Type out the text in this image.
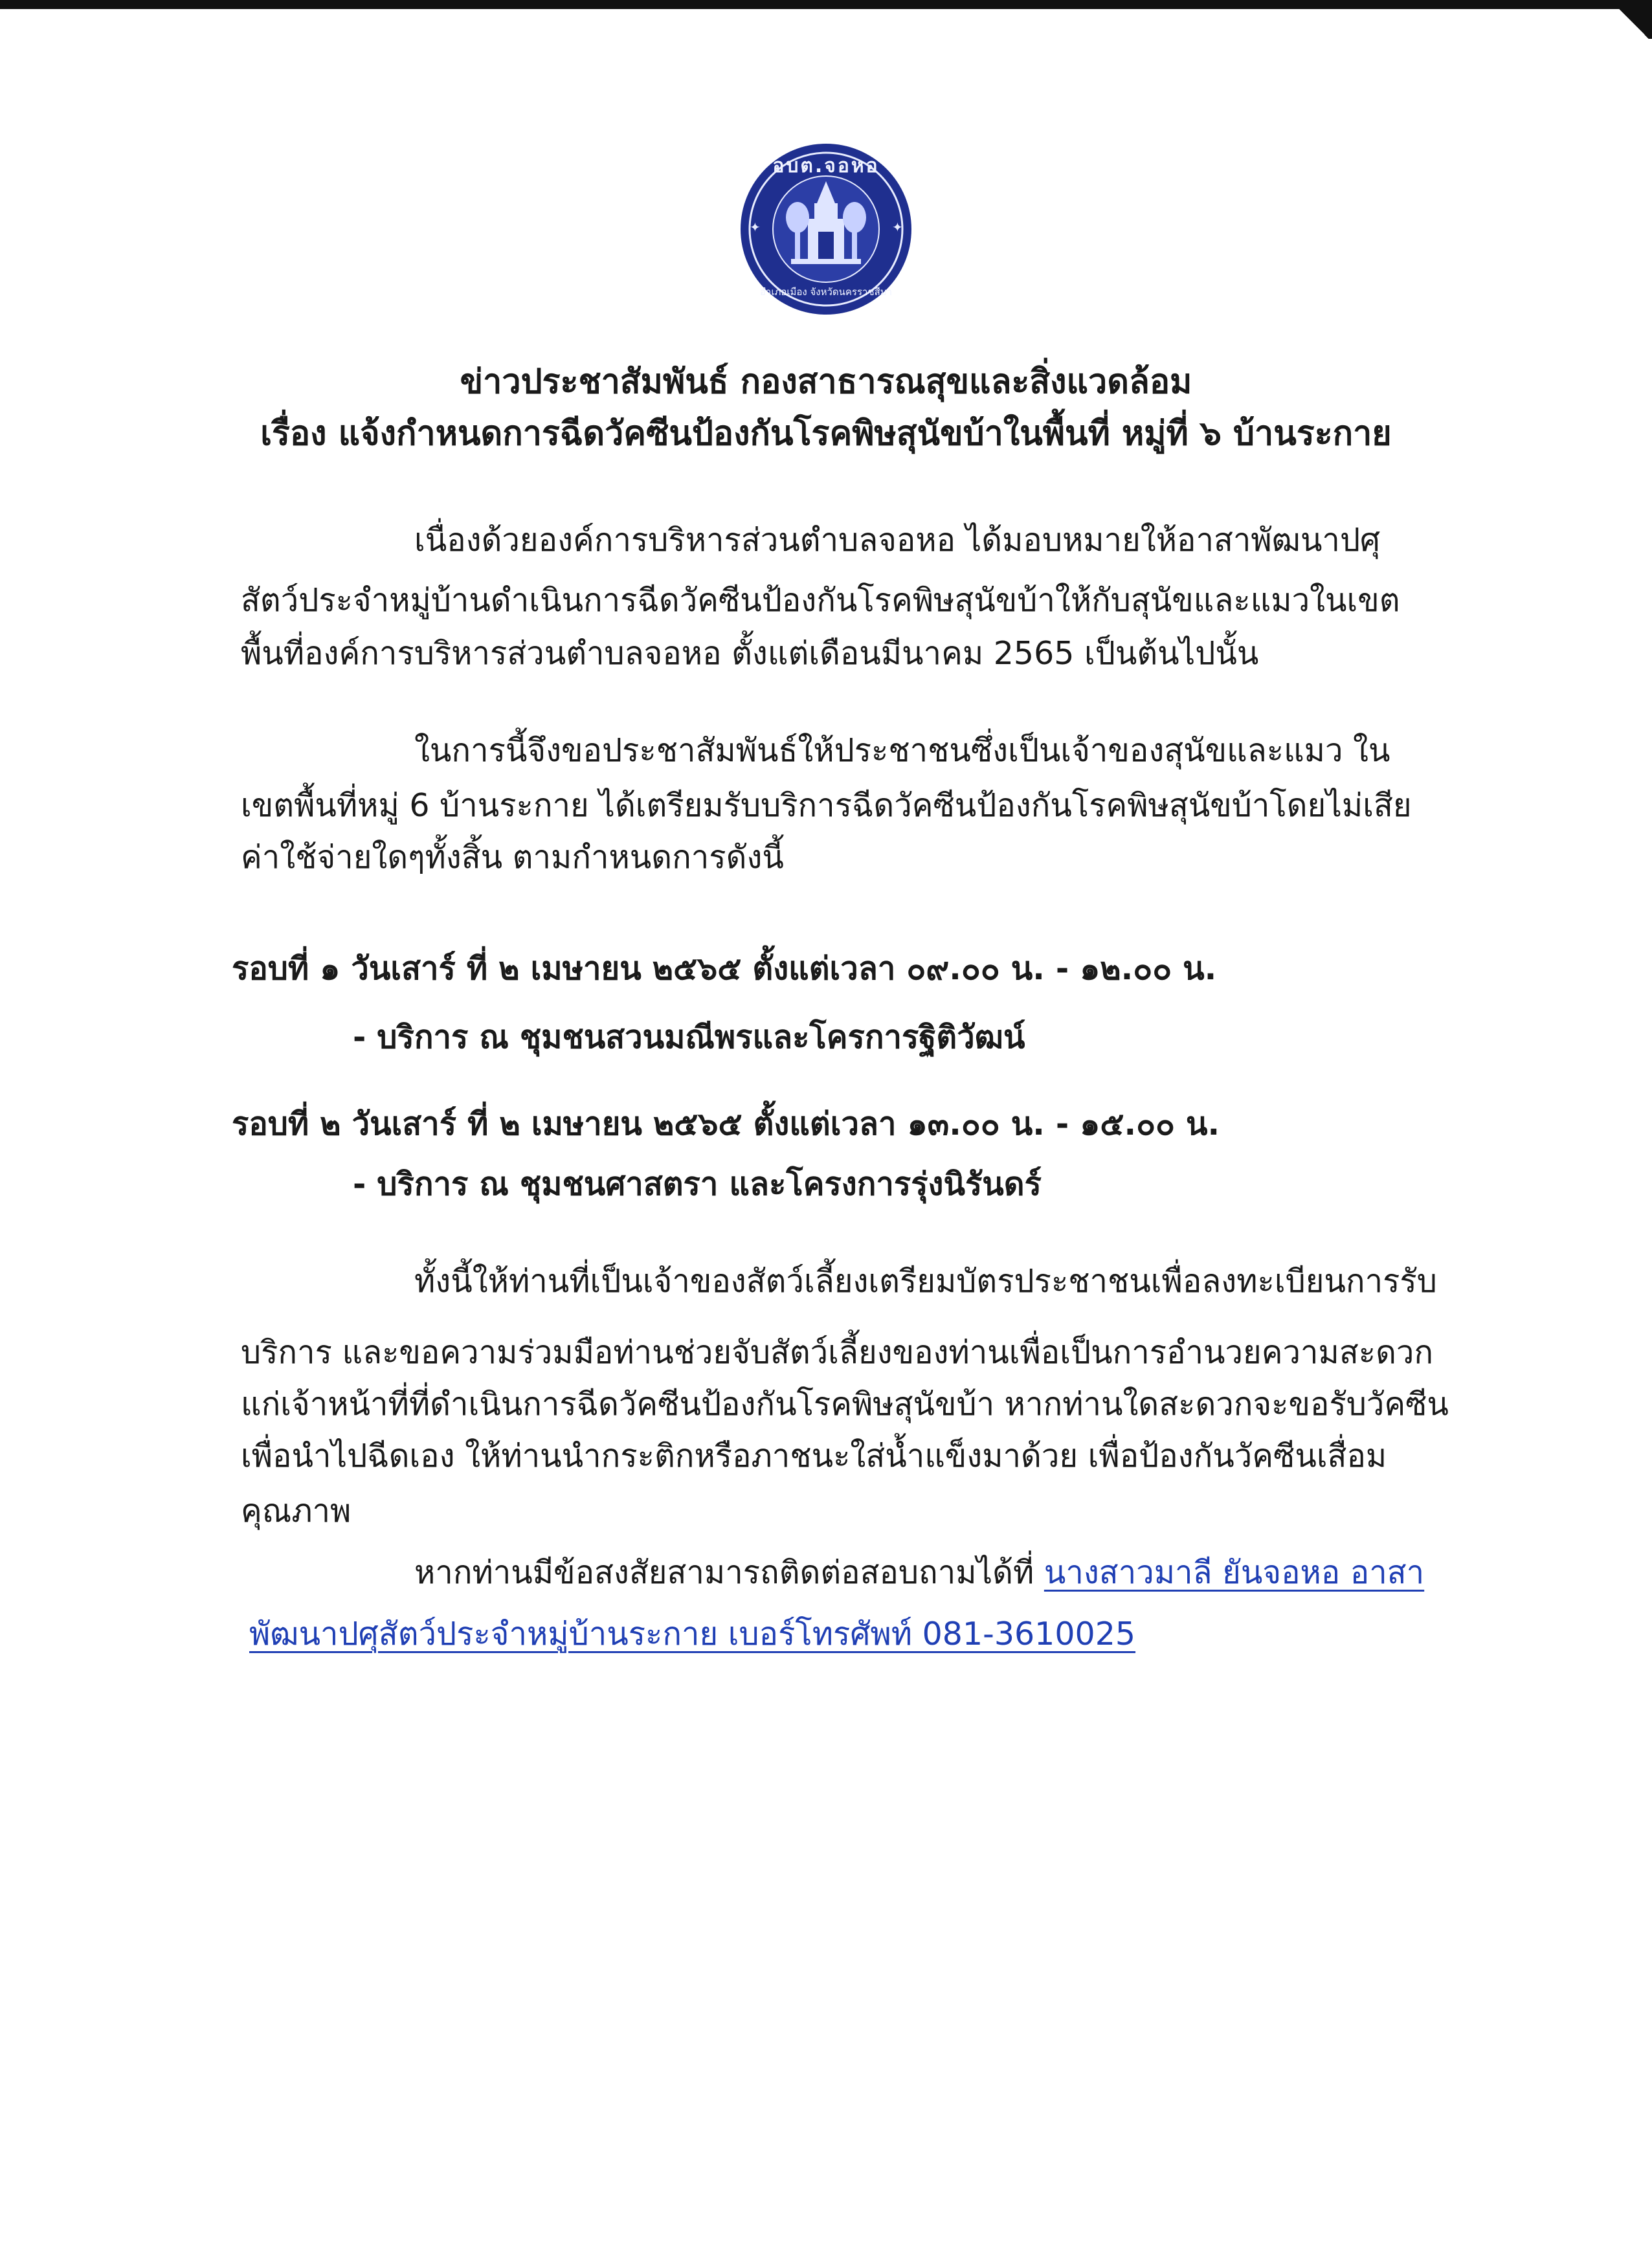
✦	✦
อบต.จอหอ
อำเภอเมือง จังหวัดนครราชสีมา
ข่าวประชาสัมพันธ์ กองสาธารณสุขและสิ่งแวดล้อม
เรื่อง แจ้งกำหนดการฉีดวัคซีนป้องกันโรคพิษสุนัขบ้าในพื้นที่ หมู่ที่ ๖ บ้านระกาย
เนื่องด้วยองค์การบริหารส่วนตำบลจอหอ ได้มอบหมายให้อาสาพัฒนาปศุ
สัตว์ประจำหมู่บ้านดำเนินการฉีดวัคซีนป้องกันโรคพิษสุนัขบ้าให้กับสุนัขและแมวในเขต
พื้นที่องค์การบริหารส่วนตำบลจอหอ ตั้งแต่เดือนมีนาคม 2565 เป็นต้นไปนั้น
ในการนี้จึงขอประชาสัมพันธ์ให้ประชาชนซึ่งเป็นเจ้าของสุนัขและแมว ใน
เขตพื้นที่หมู่ 6 บ้านระกาย ได้เตรียมรับบริการฉีดวัคซีนป้องกันโรคพิษสุนัขบ้าโดยไม่เสีย
ค่าใช้จ่ายใดๆทั้งสิ้น ตามกำหนดการดังนี้
รอบที่ ๑ วันเสาร์ ที่ ๒ เมษายน ๒๕๖๕ ตั้งแต่เวลา ๐๙.๐๐ น. - ๑๒.๐๐ น.
- บริการ ณ ชุมชนสวนมณีพรและโครการฐิติวัฒน์
รอบที่ ๒ วันเสาร์ ที่ ๒ เมษายน ๒๕๖๕ ตั้งแต่เวลา ๑๓.๐๐ น. - ๑๕.๐๐ น.
- บริการ ณ ชุมชนศาสตรา และโครงการรุ่งนิรันดร์
ทั้งนี้ให้ท่านที่เป็นเจ้าของสัตว์เลี้ยงเตรียมบัตรประชาชนเพื่อลงทะเบียนการรับ
บริการ และขอความร่วมมือท่านช่วยจับสัตว์เลี้ยงของท่านเพื่อเป็นการอำนวยความสะดวก
แก่เจ้าหน้าที่ที่ดำเนินการฉีดวัคซีนป้องกันโรคพิษสุนัขบ้า หากท่านใดสะดวกจะขอรับวัคซีน
เพื่อนำไปฉีดเอง ให้ท่านนำกระติกหรือภาชนะใส่น้ำแข็งมาด้วย เพื่อป้องกันวัคซีนเสื่อม
คุณภาพ
หากท่านมีข้อสงสัยสามารถติดต่อสอบถามได้ที่ นางสาวมาลี ยันจอหอ อาสา
พัฒนาปศุสัตว์ประจำหมู่บ้านระกาย เบอร์โทรศัพท์ 081-3610025
